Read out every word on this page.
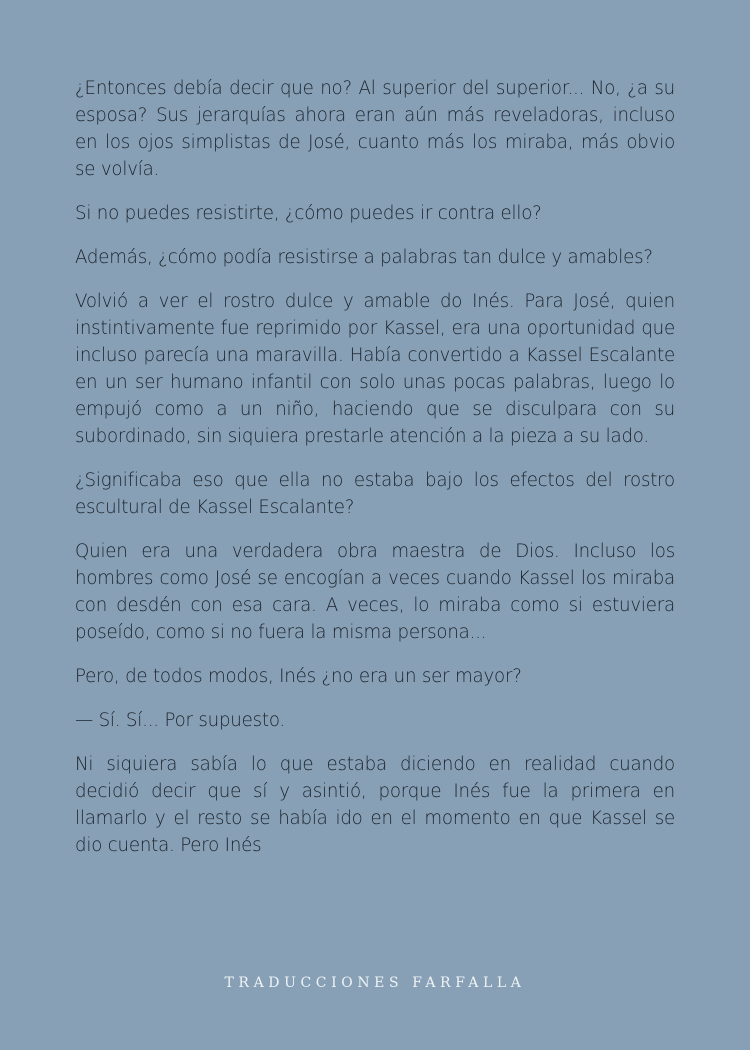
¿Entonces debía decir que no? Al superior del superior... No, ¿a su esposa? Sus jerarquías ahora eran aún más reveladoras, incluso en los ojos simplistas de José, cuanto más los miraba, más obvio se volvía.

Si no puedes resistirte, ¿cómo puedes ir contra ello?

Además, ¿cómo podía resistirse a palabras tan dulce y amables?

Volvió a ver el rostro dulce y amable do Inés. Para José, quien instintivamente fue reprimido por Kassel, era una oportunidad que incluso parecía una maravilla. Había convertido a Kassel Escalante en un ser humano infantil con solo unas pocas palabras, luego lo empujó como a un niño, haciendo que se disculpara con su subordinado, sin siquiera prestarle atención a la pieza a su lado.

¿Significaba eso que ella no estaba bajo los efectos del rostro escultural de Kassel Escalante?

Quien era una verdadera obra maestra de Dios. Incluso los hombres como José se encogían a veces cuando Kassel los miraba con desdén con esa cara. A veces, lo miraba como si estuviera poseído, como si no fuera la misma persona...

Pero, de todos modos, Inés ¿no era un ser mayor?

— Sí. Sí... Por supuesto.

Ni siquiera sabía lo que estaba diciendo en realidad cuando decidió decir que sí y asintió, porque Inés fue la primera en llamarlo y el resto se había ido en el momento en que Kassel se dio cuenta. Pero Inés

TRADUCCIONES FARFALLA
